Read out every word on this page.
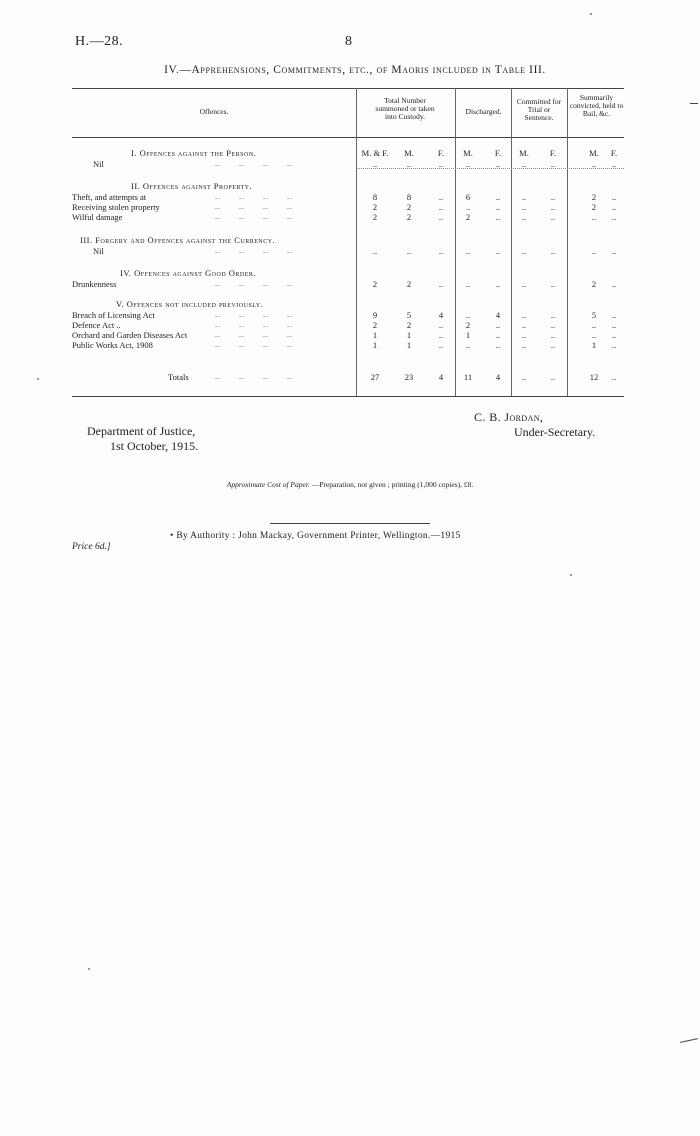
H.—28.	8
IV.—Apprehensions, Commitments, etc., of Maoris included in Table III.
Offences.
Total Number summoned or taken into Custody.
Discharged.
Committed for Trial or Sentence.
Summarily convicted, held to Bail, &c.
M. & F.	M.	F.	M.	F.	M.	F.	M.	F.
I. Offences against the Person.
Nil	..      ..      ..      ..	..	..	..	..	..	..	..	..	..
II. Offences against Property.
Theft, and attempts at	..      ..      ..      ..	8	8	..	6	..	..	..	2	..
Receiving stolen property	..      ..      ..      ..	2	2	..	..	..	..	..	2	..
Wilful damage	..      ..      ..      ..	2	2	..	2	..	..	..	..	..
III. Forgery and Offences against the Currency.
Nil	..      ..      ..      ..	..	..	..	..	..	..	..	..	..
IV. Offences against Good Order.
Drunkenness	..      ..      ..      ..	2	2	..	..	..	..	..	2	..
V. Offences not included previously.
Breach of Licensing Act	..      ..      ..      ..	9	5	4	..	4	..	..	5	..
Defence Act ..	..      ..      ..      ..	2	2	..	2	..	..	..	..	..
Orchard and Garden Diseases Act	..      ..      ..      ..	1	1	..	1	..	..	..	..	..
Public Works Act, 1908	..      ..      ..      ..	1	1	..	..	..	..	..	1	..
Totals	..      ..      ..      ..	27	23	4	11	4	..	..	12	..
Department of Justice,
1st October, 1915.
C. B. Jordan,
Under-Secretary.
Approximate Cost of Paper. —Preparation, not given ; printing (1,000 copies), £8.
• By Authority : John Mackay, Government Printer, Wellington.—1915
Price 6d.]
